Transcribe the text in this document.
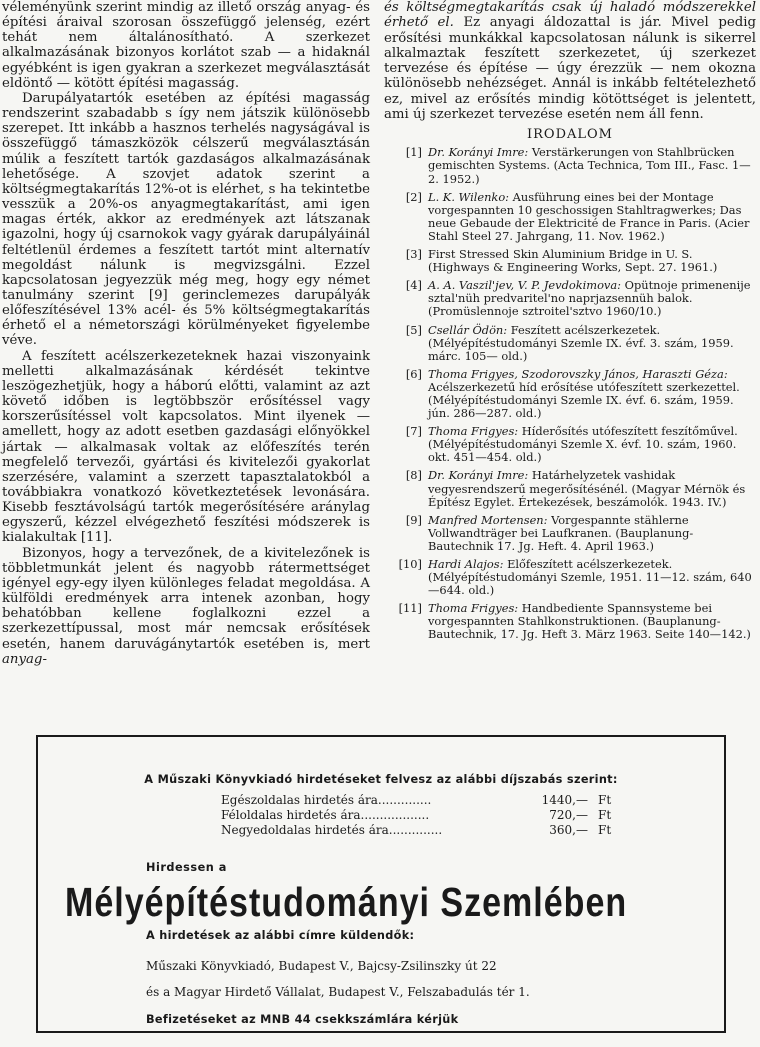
véleményünk szerint mindig az illető ország anyag- és építési áraival szorosan összefüggő jelenség, ezért tehát nem általánosítható. A szerkezet alkalmazásának bizonyos korlátot szab — a hidaknál egyébként is igen gyakran a szerkezet megválasztását eldöntő — kötött építési magasság.

Darupályatartók esetében az építési magasság rendszerint szabadabb s így nem játszik különösebb szerepet. Itt inkább a hasznos terhelés nagyságával is összefüggő támaszközök célszerű megválasztásán múlik a feszített tartók gazdaságos alkalmazásának lehetősége. A szovjet adatok szerint a költségmegtakarítás 12%-ot is elérhet, s ha tekintetbe vesszük a 20%-os anyagmegtakarítást, ami igen magas érték, akkor az eredmények azt látszanak igazolni, hogy új csarnokok vagy gyárak darupályáinál feltétlenül érdemes a feszített tartót mint alternatív megoldást nálunk is megvizsgálni. Ezzel kapcsolatosan jegyezzük még meg, hogy egy német tanulmány szerint [9] gerinclemezes darupályák előfeszítésével 13% acél- és 5% költségmegtakarítás érhető el a németországi körülményeket figyelembe véve.

A feszített acélszerkezeteknek hazai viszonyaink melletti alkalmazásának kérdését tekintve leszögezhetjük, hogy a háború előtti, valamint az azt követő időben is legtöbbször erősítéssel vagy korszerűsítéssel volt kapcsolatos. Mint ilyenek — amellett, hogy az adott esetben gazdasági előnyökkel jártak — alkalmasak voltak az előfeszítés terén megfelelő tervezői, gyártási és kivitelezői gyakorlat szerzésére, valamint a szerzett tapasztalatokból a továbbiakra vonatkozó következtetések levonására. Kisebb fesztávolságú tartók megerősítésére aránylag egyszerű, kézzel elvégezhető feszítési módszerek is kialakultak [11].

Bizonyos, hogy a tervezőnek, de a kivitelezőnek is többletmunkát jelent és nagyobb rátermettséget igényel egy-egy ilyen különleges feladat megoldása. A külföldi eredmények arra intenek azonban, hogy behatóbban kellene foglalkozni ezzel a szerkezettípussal, most már nemcsak erősítések esetén, hanem daruvágánytartók esetében is, mert anyag-

és költségmegtakarítás csak új haladó módszerekkel érhető el. Ez anyagi áldozattal is jár. Mivel pedig erősítési munkákkal kapcsolatosan nálunk is sikerrel alkalmaztak feszített szerkezetet, új szerkezet tervezése és építése — úgy érezzük — nem okozna különösebb nehézséget. Annál is inkább feltételezhető ez, mivel az erősítés mindig kötöttséget is jelentett, ami új szerkezet tervezése esetén nem áll fenn.

IRODALOM
[1] Dr. Korányi Imre: Verstärkerungen von Stahlbrücken gemischten Systems. (Acta Technica, Tom III., Fasc. 1—2. 1952.)
[2] L. K. Wilenko: Ausführung eines bei der Montage vorgespannten 10 geschossigen Stahltragwerkes; Das neue Gebaude der Elektricité de France in Paris. (Acier Stahl Steel 27. Jahrgang, 11. Nov. 1962.)
[3] First Stressed Skin Aluminium Bridge in U. S. (Highways & Engineering Works, Sept. 27. 1961.)
[4] A. A. Vaszil'jev, V. P. Jevdokimova: Opütnoje primenenije sztal'nüh predvaritel'no naprjazsennüh balok. (Promüslennoje sztroitel'sztvo 1960/10.)
[5] Csellár Ödön: Feszített acélszerkezetek. (Mélyépítéstudományi Szemle IX. évf. 3. szám, 1959. márc. 105— old.)
[6] Thoma Frigyes, Szodorovszky János, Haraszti Géza: Acélszerkezetű híd erősítése utófeszített szerkezettel. (Mélyépítéstudományi Szemle IX. évf. 6. szám, 1959. jún. 286—287. old.)
[7] Thoma Frigyes: Híderősítés utófeszített feszítőművel. (Mélyépítéstudományi Szemle X. évf. 10. szám, 1960. okt. 451—454. old.)
[8] Dr. Korányi Imre: Határhelyzetek vashidak vegyesrendszerű megerősítésénél. (Magyar Mérnök és Építész Egylet. Értekezések, beszámolók. 1943. IV.)
[9] Manfred Mortensen: Vorgespannte stählerne Vollwandträger bei Laufkranen. (Bauplanung-Bautechnik 17. Jg. Heft. 4. April 1963.)
[10] Hardi Alajos: Előfeszített acélszerkezetek. (Mélyépítéstudományi Szemle, 1951. 11—12. szám, 640—644. old.)
[11] Thoma Frigyes: Handbediente Spannsysteme bei vorgespannten Stahlkonstruktionen. (Bauplanung-Bautechnik, 17. Jg. Heft 3. März 1963. Seite 140—142.)
A Műszaki Könyvkiadó hirdetéseket felvesz az alábbi díjszabás szerint:
Egészoldalas hirdetés ára..............	1440,— Ft
Féloldalas hirdetés ára..................	720,— Ft
Negyedoldalas hirdetés ára..............	360,— Ft
Hirdessen a
Mélyépítéstudományi Szemlében
A hirdetések az alábbi címre küldendők:
Műszaki Könyvkiadó, Budapest V., Bajcsy-Zsilinszky út 22
és a Magyar Hirdető Vállalat, Budapest V., Felszabadulás tér 1.
Befizetéseket az MNB 44 csekkszámlára kérjük
